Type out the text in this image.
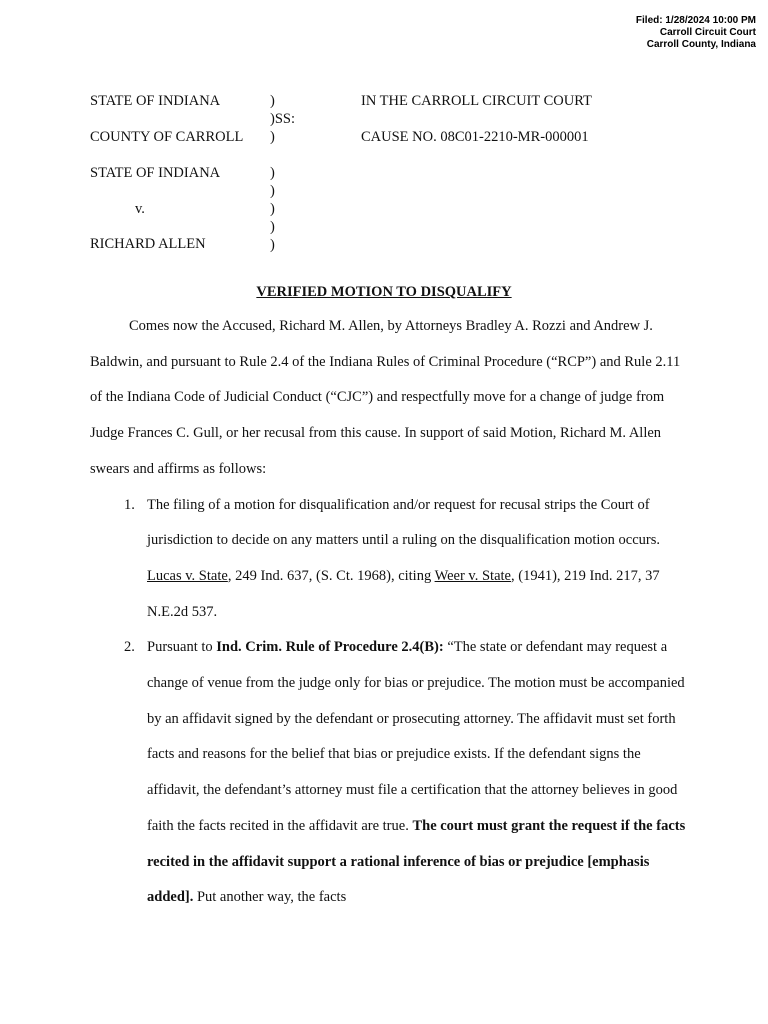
Filed: 1/28/2024 10:00 PM
Carroll Circuit Court
Carroll County, Indiana
STATE OF INDIANA
COUNTY OF CARROLL
)
)SS:
)
IN THE CARROLL CIRCUIT COURT
CAUSE NO. 08C01-2210-MR-000001
STATE OF INDIANA
v.
RICHARD ALLEN
)
)
)
)
)
VERIFIED MOTION TO DISQUALIFY

Comes now the Accused, Richard M. Allen, by Attorneys Bradley A. Rozzi and Andrew J. Baldwin, and pursuant to Rule 2.4 of the Indiana Rules of Criminal Procedure (“RCP”) and Rule 2.11 of the Indiana Code of Judicial Conduct (“CJC”) and respectfully move for a change of judge from Judge Frances C. Gull, or her recusal from this cause. In support of said Motion, Richard M. Allen swears and affirms as follows:

1. The filing of a motion for disqualification and/or request for recusal strips the Court of jurisdiction to decide on any matters until a ruling on the disqualification motion occurs. Lucas v. State, 249 Ind. 637, (S. Ct. 1968), citing Weer v. State, (1941), 219 Ind. 217, 37 N.E.2d 537.
2. Pursuant to Ind. Crim. Rule of Procedure 2.4(B): “The state or defendant may request a change of venue from the judge only for bias or prejudice. The motion must be accompanied by an affidavit signed by the defendant or prosecuting attorney. The affidavit must set forth facts and reasons for the belief that bias or prejudice exists. If the defendant signs the affidavit, the defendant’s attorney must file a certification that the attorney believes in good faith the facts recited in the affidavit are true. The court must grant the request if the facts recited in the affidavit support a rational inference of bias or prejudice [emphasis added]. Put another way, the facts
